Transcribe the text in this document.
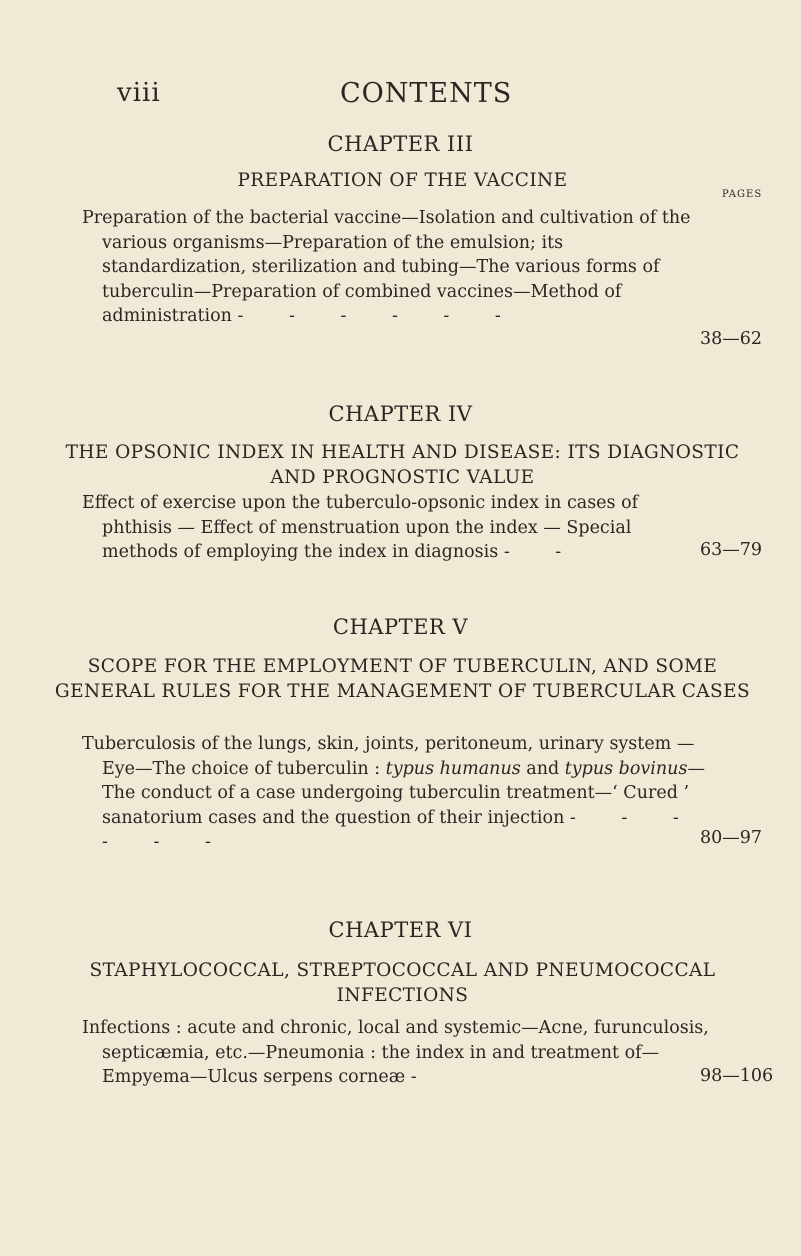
viii	CONTENTS
CHAPTER III
PREPARATION OF THE VACCINE
PAGES
Preparation of the bacterial vaccine—Isolation and cultivation of the various organisms—Preparation of the emulsion; its standardization, sterilization and tubing—The various forms of tuberculin—Preparation of combined vaccines—Method of administration - - - - - -
38—62
CHAPTER IV
THE OPSONIC INDEX IN HEALTH AND DISEASE: ITS DIAGNOSTIC AND PROGNOSTIC VALUE
Effect of exercise upon the tuberculo-opsonic index in cases of phthisis — Effect of menstruation upon the index — Special methods of employing the index in diagnosis - -	63—79
CHAPTER V
SCOPE FOR THE EMPLOYMENT OF TUBERCULIN, AND SOME GENERAL RULES FOR THE MANAGEMENT OF TUBERCULAR CASES
Tuberculosis of the lungs, skin, joints, peritoneum, urinary system —Eye—The choice of tuberculin : typus humanus and typus bovinus—The conduct of a case undergoing tuberculin treatment—‘ Cured ’ sanatorium cases and the question of their injection - - - - - -	80—97
CHAPTER VI
STAPHYLOCOCCAL, STREPTOCOCCAL AND PNEUMOCOCCAL INFECTIONS
Infections : acute and chronic, local and systemic—Acne, furunculosis, septicæmia, etc.—Pneumonia : the index in and treatment of—Empyema—Ulcus serpens corneæ -	98—106
